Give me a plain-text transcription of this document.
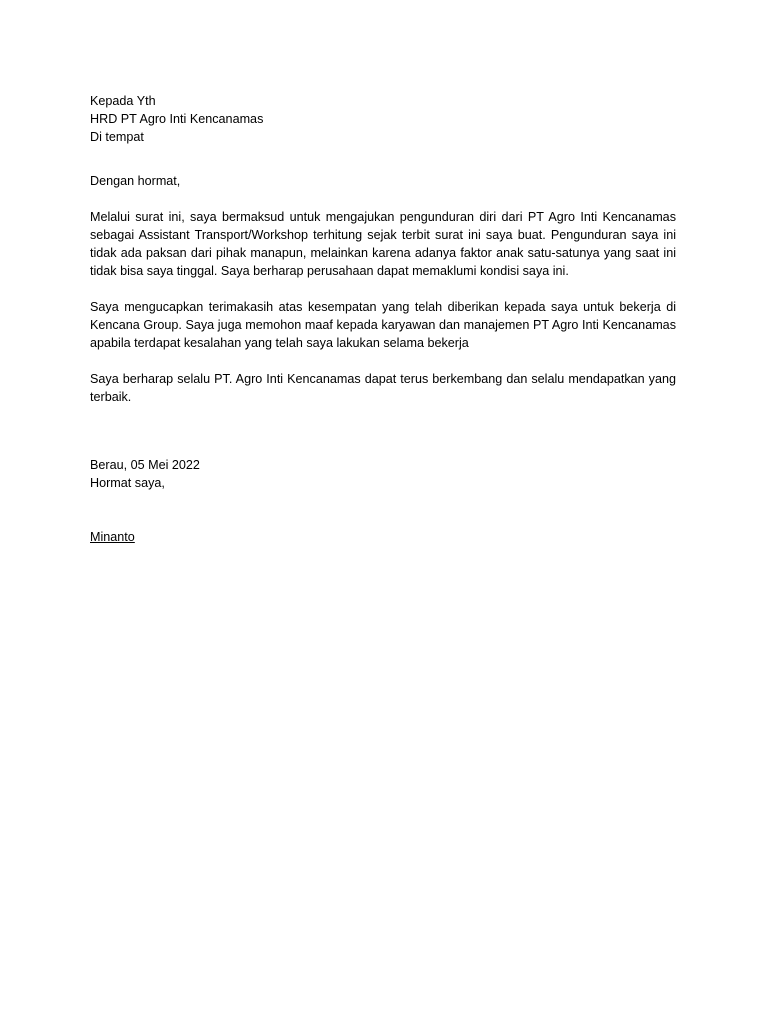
Kepada Yth
HRD PT Agro Inti Kencanamas
Di tempat
Dengan hormat,

Melalui surat ini, saya bermaksud untuk mengajukan pengunduran diri dari PT Agro Inti Kencanamas sebagai Assistant Transport/Workshop terhitung sejak terbit surat ini saya buat. Pengunduran saya ini tidak ada paksan dari pihak manapun, melainkan karena adanya faktor anak satu-satunya yang saat ini tidak bisa saya tinggal. Saya berharap perusahaan dapat memaklumi kondisi saya ini.

Saya mengucapkan terimakasih atas kesempatan yang telah diberikan kepada saya untuk bekerja di Kencana Group. Saya juga memohon maaf kepada karyawan dan manajemen PT Agro Inti Kencanamas apabila terdapat kesalahan yang telah saya lakukan selama bekerja

Saya berharap selalu PT. Agro Inti Kencanamas dapat terus berkembang dan selalu mendapatkan yang terbaik.

Berau, 05 Mei 2022
Hormat saya,
Minanto
